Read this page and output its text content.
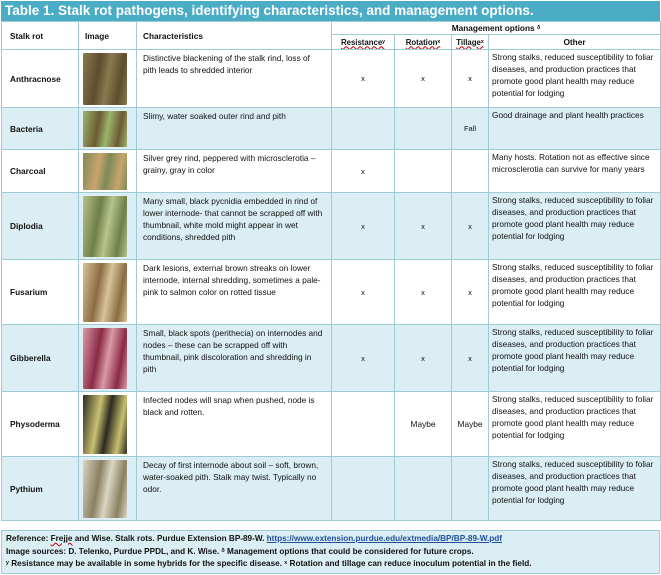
Table 1. Stalk rot pathogens, identifying characteristics, and management options.
Stalk rot	Image	Characteristics	Management options ᵟ			
			Resistanceʸ	Rotationˣ	Tillageˣ	Other
Anthracnose		Distinctive blackening of the stalk rind, loss of pith leads to shredded interior	x	x	x	Strong stalks, reduced susceptibility to foliar diseases, and production practices that promote good plant health may reduce potential for lodging
Bacteria		Slimy, water soaked outer rind and pith			Fall	Good drainage and plant health practices
Charcoal		Silver grey rind, peppered with microsclerotia – grainy, gray in color	x			Many hosts. Rotation not as effective since microsclerotia can survive for many years
Diplodia		Many small, black pycnidia embedded in rind of lower internode- that cannot be scrapped off with thumbnail, white mold might appear in wet conditions, shredded pith	x	x	x	Strong stalks, reduced susceptibility to foliar diseases, and production practices that promote good plant health may reduce potential for lodging
Fusarium		Dark lesions, external brown streaks on lower internode, internal shredding, sometimes a pale-pink to salmon color on rotted tissue	x	x	x	Strong stalks, reduced susceptibility to foliar diseases, and production practices that promote good plant health may reduce potential for lodging
Gibberella		Small, black spots (perithecia) on internodes and nodes – these can be scrapped off with thumbnail, pink discoloration and shredding in pith	x	x	x	Strong stalks, reduced susceptibility to foliar diseases, and production practices that promote good plant health may reduce potential for lodging
Physoderma		Infected nodes will snap when pushed, node is black and rotten.		Maybe	Maybe	Strong stalks, reduced susceptibility to foliar diseases, and production practices that promote good plant health may reduce potential for lodging
Pythium		Decay of first internode about soil – soft, brown, water-soaked pith. Stalk may twist. Typically no odor.				Strong stalks, reduced susceptibility to foliar diseases, and production practices that promote good plant health may reduce potential for lodging
Reference: Frejje and Wise. Stalk rots. Purdue Extension BP-89-W. https://www.extension.purdue.edu/extmedia/BP/BP-89-W.pdf
Image sources: D. Telenko, Purdue PPDL, and K. Wise. ᵟ Management options that could be considered for future crops.
ʸ Resistance may be available in some hybrids for the specific disease. ˣ Rotation and tillage can reduce inoculum potential in the field.
